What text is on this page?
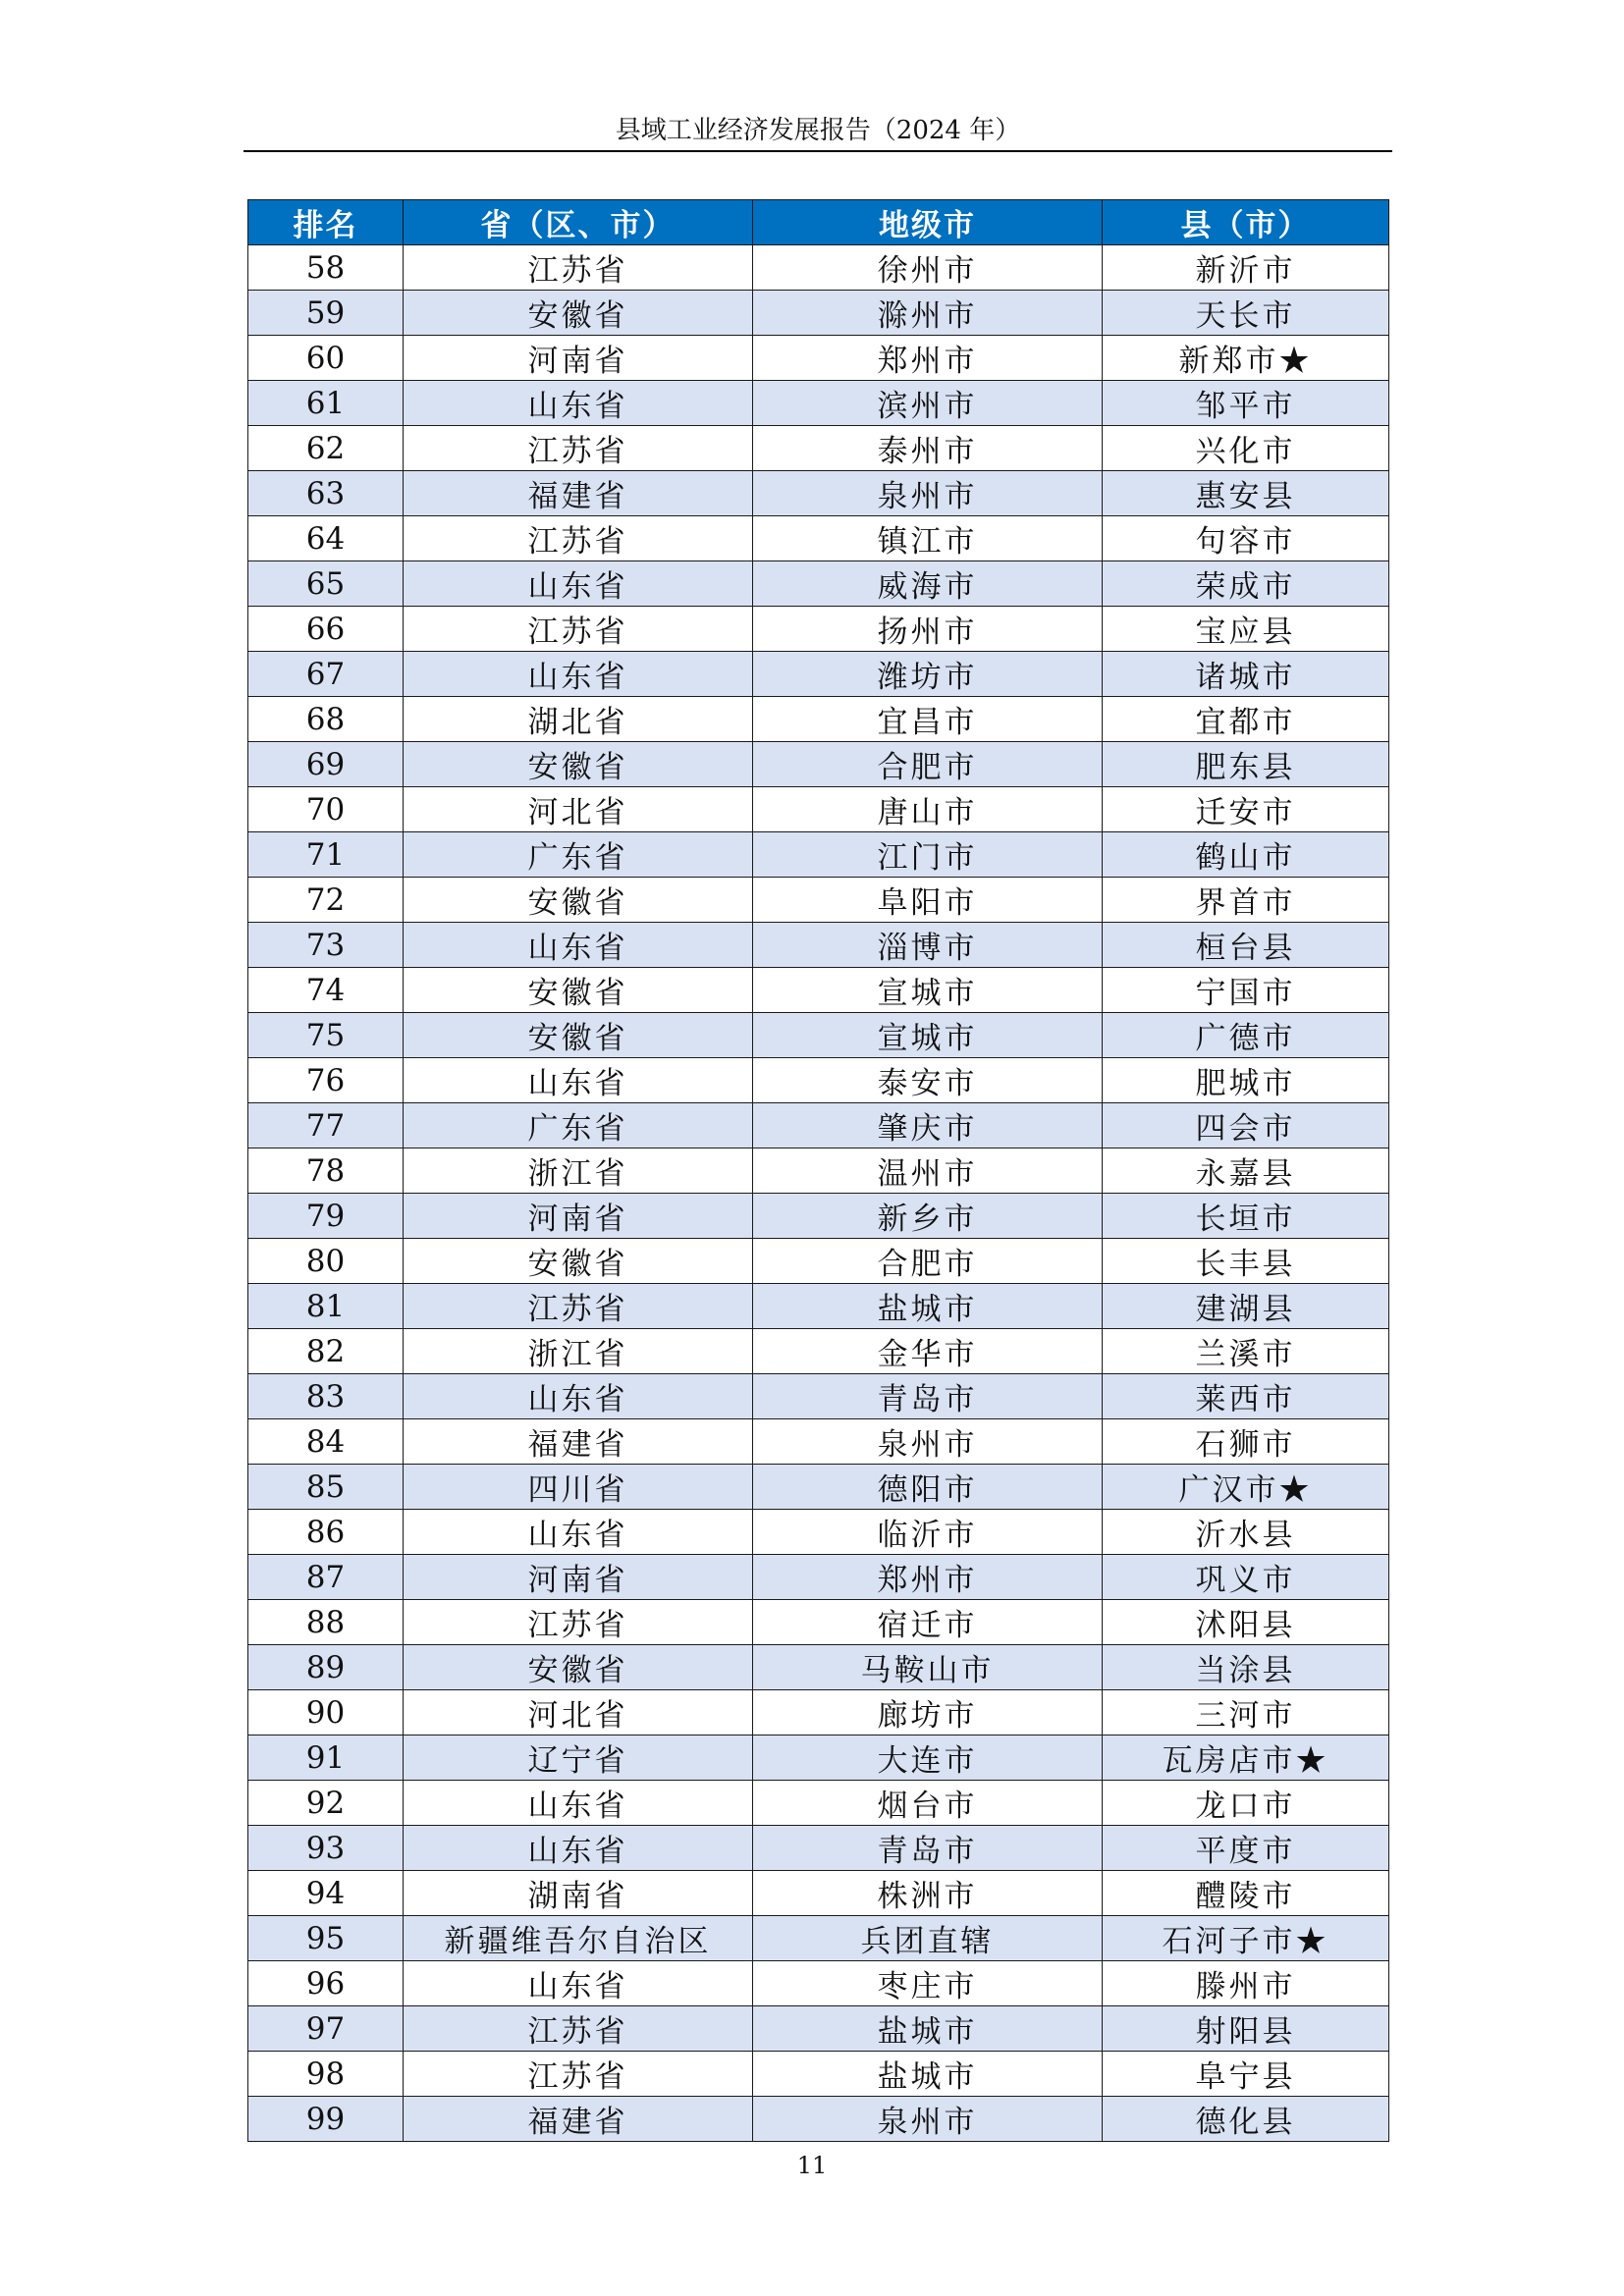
县域工业经济发展报告（2024 年）
排名	省（区、市）	地级市	县（市）
58	江苏省	徐州市	新沂市
59	安徽省	滁州市	天长市
60	河南省	郑州市	新郑市★
61	山东省	滨州市	邹平市
62	江苏省	泰州市	兴化市
63	福建省	泉州市	惠安县
64	江苏省	镇江市	句容市
65	山东省	威海市	荣成市
66	江苏省	扬州市	宝应县
67	山东省	潍坊市	诸城市
68	湖北省	宜昌市	宜都市
69	安徽省	合肥市	肥东县
70	河北省	唐山市	迁安市
71	广东省	江门市	鹤山市
72	安徽省	阜阳市	界首市
73	山东省	淄博市	桓台县
74	安徽省	宣城市	宁国市
75	安徽省	宣城市	广德市
76	山东省	泰安市	肥城市
77	广东省	肇庆市	四会市
78	浙江省	温州市	永嘉县
79	河南省	新乡市	长垣市
80	安徽省	合肥市	长丰县
81	江苏省	盐城市	建湖县
82	浙江省	金华市	兰溪市
83	山东省	青岛市	莱西市
84	福建省	泉州市	石狮市
85	四川省	德阳市	广汉市★
86	山东省	临沂市	沂水县
87	河南省	郑州市	巩义市
88	江苏省	宿迁市	沭阳县
89	安徽省	马鞍山市	当涂县
90	河北省	廊坊市	三河市
91	辽宁省	大连市	瓦房店市★
92	山东省	烟台市	龙口市
93	山东省	青岛市	平度市
94	湖南省	株洲市	醴陵市
95	新疆维吾尔自治区	兵团直辖	石河子市★
96	山东省	枣庄市	滕州市
97	江苏省	盐城市	射阳县
98	江苏省	盐城市	阜宁县
99	福建省	泉州市	德化县
11
